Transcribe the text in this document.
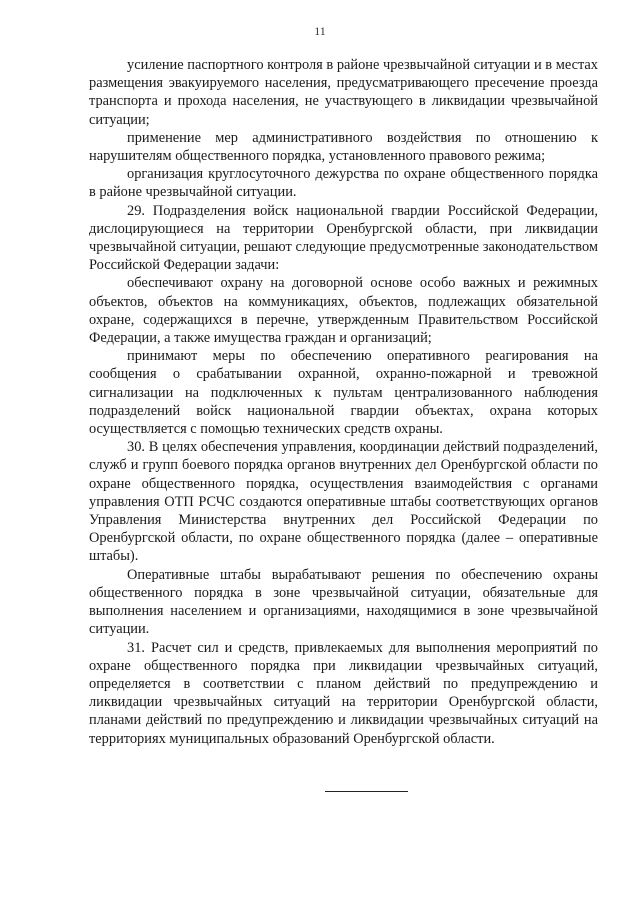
11

усиление паспортного контроля в районе чрезвычайной ситуации и в местах размещения эвакуируемого населения, предусматривающего пресечение проезда транспорта и прохода населения, не участвующего в ликвидации чрезвычайной ситуации;

применение мер административного воздействия по отношению к нарушителям общественного порядка, установленного правового режима;

организация круглосуточного дежурства по охране общественного порядка в районе чрезвычайной ситуации.

29. Подразделения войск национальной гвардии Российской Федерации, дислоцирующиеся на территории Оренбургской области, при ликвидации чрезвычайной ситуации, решают следующие предусмотренные законодательством Российской Федерации задачи:

обеспечивают охрану на договорной основе особо важных и режимных объектов, объектов на коммуникациях, объектов, подлежащих обязательной охране, содержащихся в перечне, утвержденным Правительством Российской Федерации, а также имущества граждан и организаций;

принимают меры по обеспечению оперативного реагирования на сообщения о срабатывании охранной, охранно-пожарной и тревожной сигнализации на подключенных к пультам централизованного наблюдения подразделений войск национальной гвардии объектах, охрана которых осуществляется с помощью технических средств охраны.

30. В целях обеспечения управления, координации действий подразделений, служб и групп боевого порядка органов внутренних дел Оренбургской области по охране общественного порядка, осуществления взаимодействия с органами управления ОТП РСЧС создаются оперативные штабы соответствующих органов Управления Министерства внутренних дел Российской Федерации по Оренбургской области, по охране общественного порядка (далее – оперативные штабы).

Оперативные штабы вырабатывают решения по обеспечению охраны общественного порядка в зоне чрезвычайной ситуации, обязательные для выполнения населением и организациями, находящимися в зоне чрезвычайной ситуации.

31. Расчет сил и средств, привлекаемых для выполнения мероприятий по охране общественного порядка при ликвидации чрезвычайных ситуаций, определяется в соответствии с планом действий по предупреждению и ликвидации чрезвычайных ситуаций на территории Оренбургской области, планами действий по предупреждению и ликвидации чрезвычайных ситуаций на территориях муниципальных образований Оренбургской области.
